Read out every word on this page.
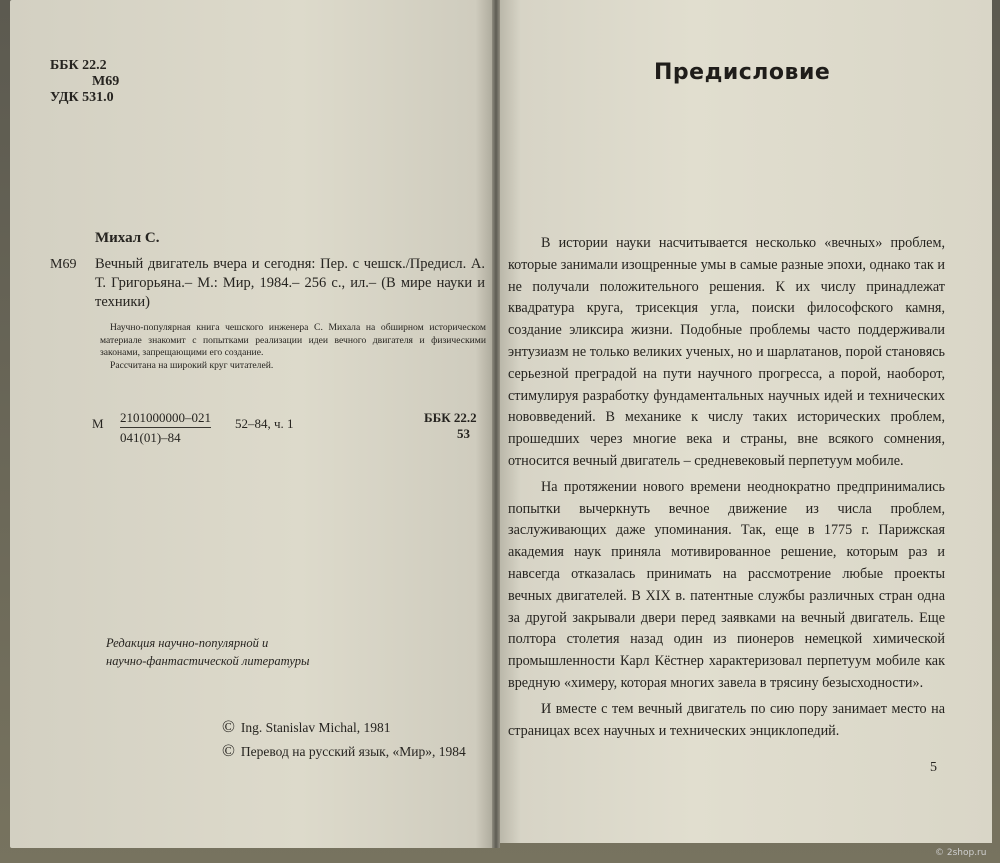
ББК 22.2
М69
УДК 531.0
Михал С.
М69 Вечный двигатель вчера и сегодня: Пер. с чешск./Предисл. А. Т. Григорьяна.– М.: Мир, 1984.– 256 с., ил.– (В мире науки и техники)

Научно-популярная книга чешского инженера С. Михала на обширном историческом материале знакомит с попытками реализации идеи вечного двигателя и физическими законами, запрещающими его создание.

Рассчитана на широкий круг читателей.

М $\frac{2101000000-021}{041(01)-84} 52-84$, ч. 1	ББК 22.2
53
Редакция научно-популярной и
научно-фантастической литературы
© Ing. Stanislav Michal, 1981
© Перевод на русский язык, «Мир», 1984
Предисловие

В истории науки насчитывается несколько «вечных» проблем, которые занимали изощренные умы в самые разные эпохи, однако так и не получали положительного решения. К их числу принадлежат квадратура круга, трисекция угла, поиски философского камня, создание эликсира жизни. Подобные проблемы часто поддерживали энтузиазм не только великих ученых, но и шарлатанов, порой становясь серьезной преградой на пути научного прогресса, а порой, наоборот, стимулируя разработку фундаментальных научных идей и технических нововведений. В механике к числу таких исторических проблем, прошедших через многие века и страны, вне всякого сомнения, относится вечный двигатель – средневековый перпетуум мобиле.

На протяжении нового времени неоднократно предпринимались попытки вычеркнуть вечное движение из числа проблем, заслуживающих даже упоминания. Так, еще в 1775 г. Парижская академия наук приняла мотивированное решение, которым раз и навсегда отказалась принимать на рассмотрение любые проекты вечных двигателей. В XIX в. патентные службы различных стран одна за другой закрывали двери перед заявками на вечный двигатель. Еще полтора столетия назад один из пионеров немецкой химической промышленности Карл Кёстнер характеризовал перпетуум мобиле как вредную «химеру, которая многих завела в трясину безысходности».

И вместе с тем вечный двигатель по сию пору занимает место на страницах всех научных и технических энциклопедий.

5
© 2shop.ru
